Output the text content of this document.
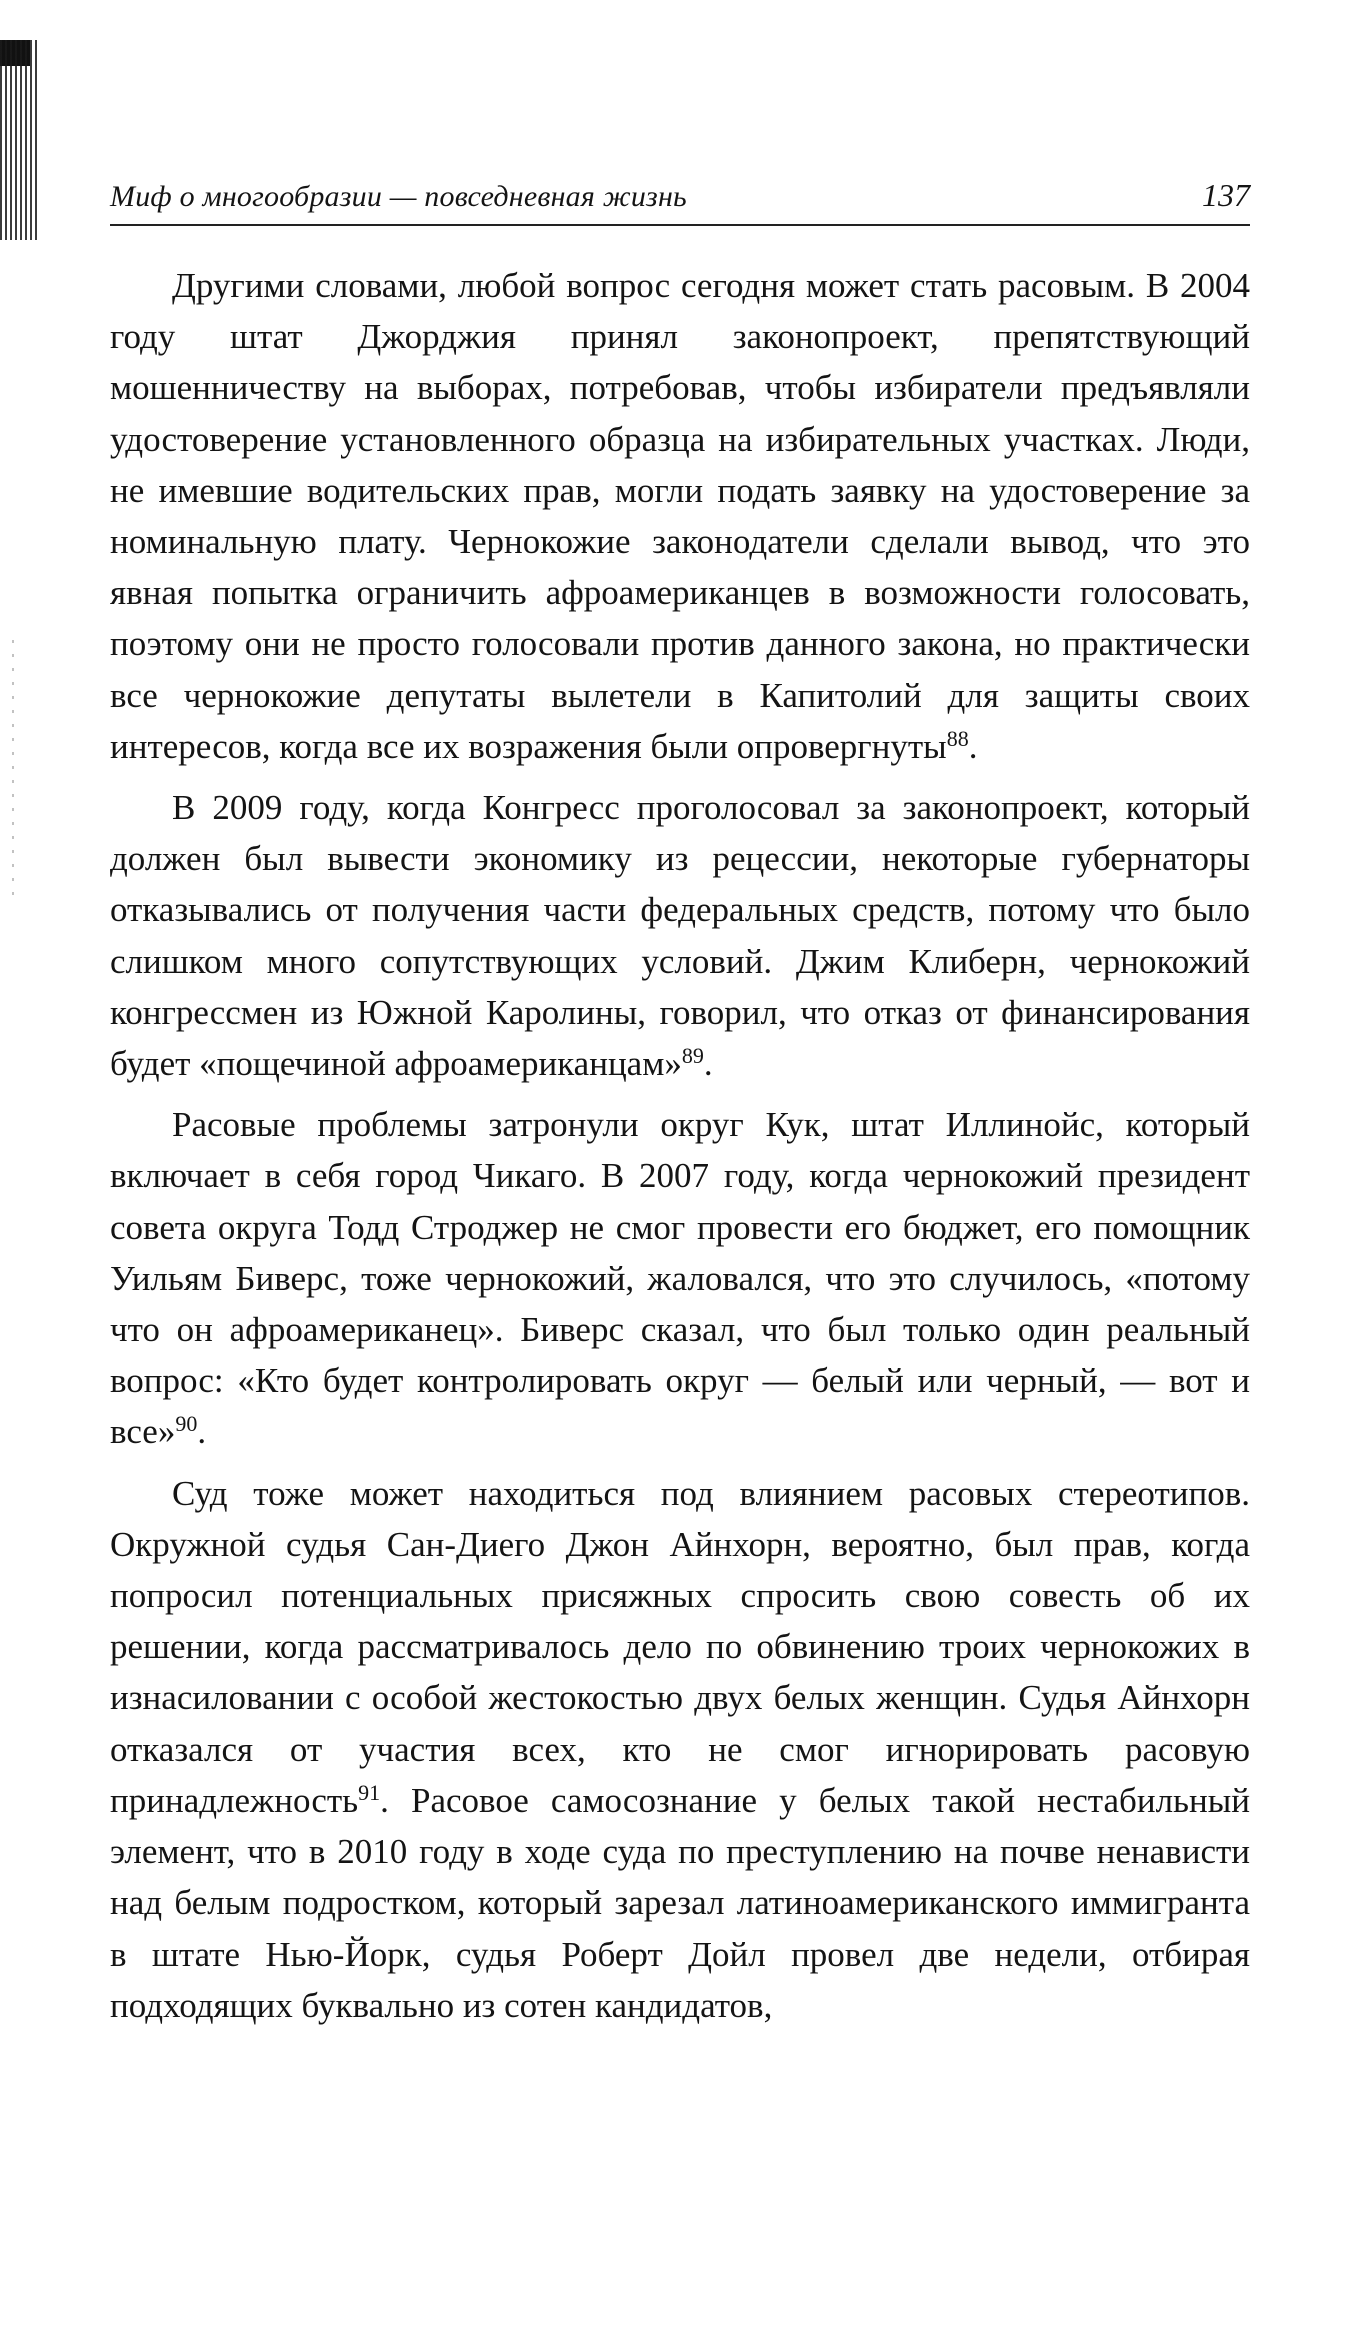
Миф о многообразии — повседневная жизнь	137

Другими словами, любой вопрос сегодня может стать расовым. В 2004 году штат Джорджия принял законопроект, препятствующий мошенничеству на выборах, потребовав, чтобы избиратели предъявляли удостоверение установленного образца на избирательных участках. Люди, не имевшие водительских прав, могли подать заявку на удостоверение за номинальную плату. Чернокожие законодатели сделали вывод, что это явная попытка ограничить афроамериканцев в возможности голосовать, поэтому они не просто голосовали против данного закона, но практически все чернокожие депутаты вылетели в Капитолий для защиты своих интересов, когда все их возражения были опровергнуты$^{88}$.

В 2009 году, когда Конгресс проголосовал за законопроект, который должен был вывести экономику из рецессии, некоторые губернаторы отказывались от получения части федеральных средств, потому что было слишком много сопутствующих условий. Джим Клиберн, чернокожий конгрессмен из Южной Каролины, говорил, что отказ от финансирования будет «пощечиной афроамериканцам»$^{89}$.

Расовые проблемы затронули округ Кук, штат Иллинойс, который включает в себя город Чикаго. В 2007 году, когда чернокожий президент совета округа Тодд Строджер не смог провести его бюджет, его помощник Уильям Биверс, тоже чернокожий, жаловался, что это случилось, «потому что он афроамериканец». Биверс сказал, что был только один реальный вопрос: «Кто будет контролировать округ — белый или черный, — вот и все»$^{90}$.

Суд тоже может находиться под влиянием расовых стереотипов. Окружной судья Сан-Диего Джон Айнхорн, вероятно, был прав, когда попросил потенциальных присяжных спросить свою совесть об их решении, когда рассматривалось дело по обвинению троих чернокожих в изнасиловании с особой жестокостью двух белых женщин. Судья Айнхорн отказался от участия всех, кто не смог игнорировать расовую принадлежность$^{91}$. Расовое самосознание у белых такой нестабильный элемент, что в 2010 году в ходе суда по преступлению на почве ненависти над белым подростком, который зарезал латиноамериканского иммигранта в штате Нью-Йорк, судья Роберт Дойл провел две недели, отбирая подходящих буквально из сотен кандидатов,
